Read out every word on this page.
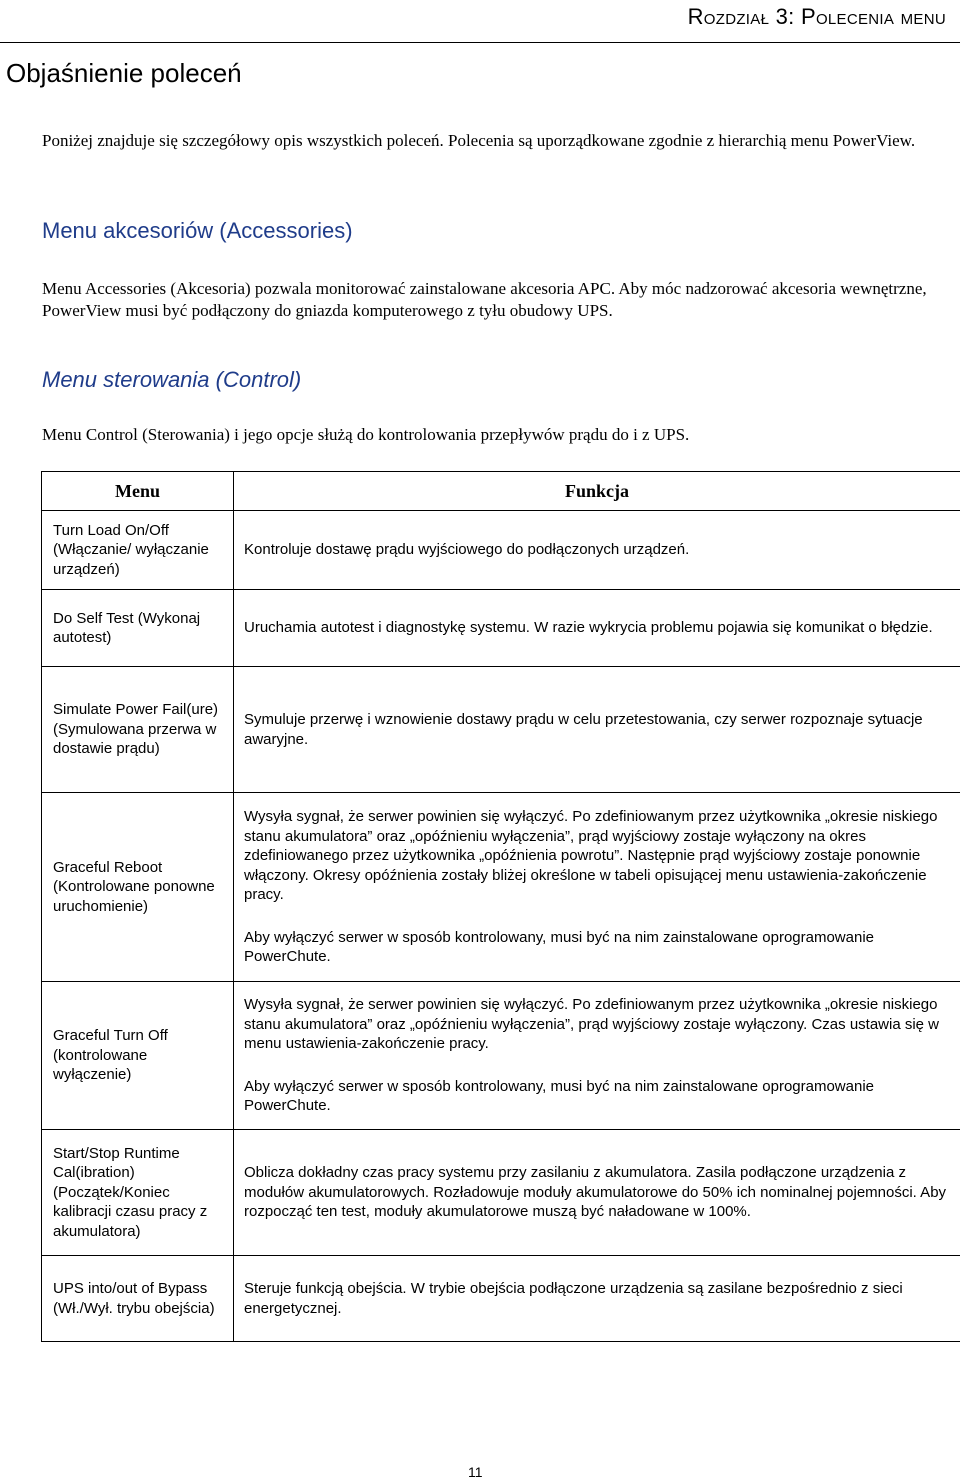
Rozdział 3: Polecenia menu
Objaśnienie poleceń

Poniżej znajduje się szczegółowy opis wszystkich poleceń. Polecenia są uporządkowane zgodnie z hierarchią menu PowerView.

Menu akcesoriów (Accessories)

Menu Accessories (Akcesoria) pozwala monitorować zainstalowane akcesoria APC. Aby móc nadzorować akcesoria wewnętrzne, PowerView musi być podłączony do gniazda komputerowego z tyłu obudowy UPS.

Menu sterowania (Control)

Menu Control (Sterowania) i jego opcje służą do kontrolowania przepływów prądu do i z UPS.

Menu	Funkcja
Turn Load On/Off (Włączanie/ wyłączanie urządzeń)	Kontroluje dostawę prądu wyjściowego do podłączonych urządzeń.

Do Self Test (Wykonaj autotest)	Uruchamia autotest i diagnostykę systemu. W razie wykrycia problemu pojawia się komunikat o błędzie.

Simulate Power Fail(ure) (Symulowana przerwa w dostawie prądu)	Symuluje przerwę i wznowienie dostawy prądu w celu przetestowania, czy serwer rozpoznaje sytuacje awaryjne.

Graceful Reboot (Kontrolowane ponowne uruchomienie)	Wysyła sygnał, że serwer powinien się wyłączyć. Po zdefiniowanym przez użytkownika „okresie niskiego stanu akumulatora” oraz „opóźnieniu wyłączenia”, prąd wyjściowy zostaje wyłączony na okres zdefiniowanego przez użytkownika „opóźnienia powrotu”. Następnie prąd wyjściowy zostaje ponownie włączony. Okresy opóźnienia zostały bliżej określone w tabeli opisującej menu ustawienia-zakończenie pracy.

Aby wyłączyć serwer w sposób kontrolowany, musi być na nim zainstalowane oprogramowanie PowerChute.

Graceful Turn Off (kontrolowane wyłączenie)	Wysyła sygnał, że serwer powinien się wyłączyć. Po zdefiniowanym przez użytkownika „okresie niskiego stanu akumulatora” oraz „opóźnieniu wyłączenia”, prąd wyjściowy zostaje wyłączony. Czas ustawia się w menu ustawienia-zakończenie pracy.

Aby wyłączyć serwer w sposób kontrolowany, musi być na nim zainstalowane oprogramowanie PowerChute.

Start/Stop Runtime Cal(ibration) (Początek/Koniec kalibracji czasu pracy z akumulatora)	Oblicza dokładny czas pracy systemu przy zasilaniu z akumulatora. Zasila podłączone urządzenia z modułów akumulatorowych. Rozładowuje moduły akumulatorowe do 50% ich nominalnej pojemności. Aby rozpocząć ten test, moduły akumulatorowe muszą być naładowane w 100%.

UPS into/out of Bypass (Wł./Wył. trybu obejścia)	Steruje funkcją obejścia. W trybie obejścia podłączone urządzenia są zasilane bezpośrednio z sieci energetycznej.

11
